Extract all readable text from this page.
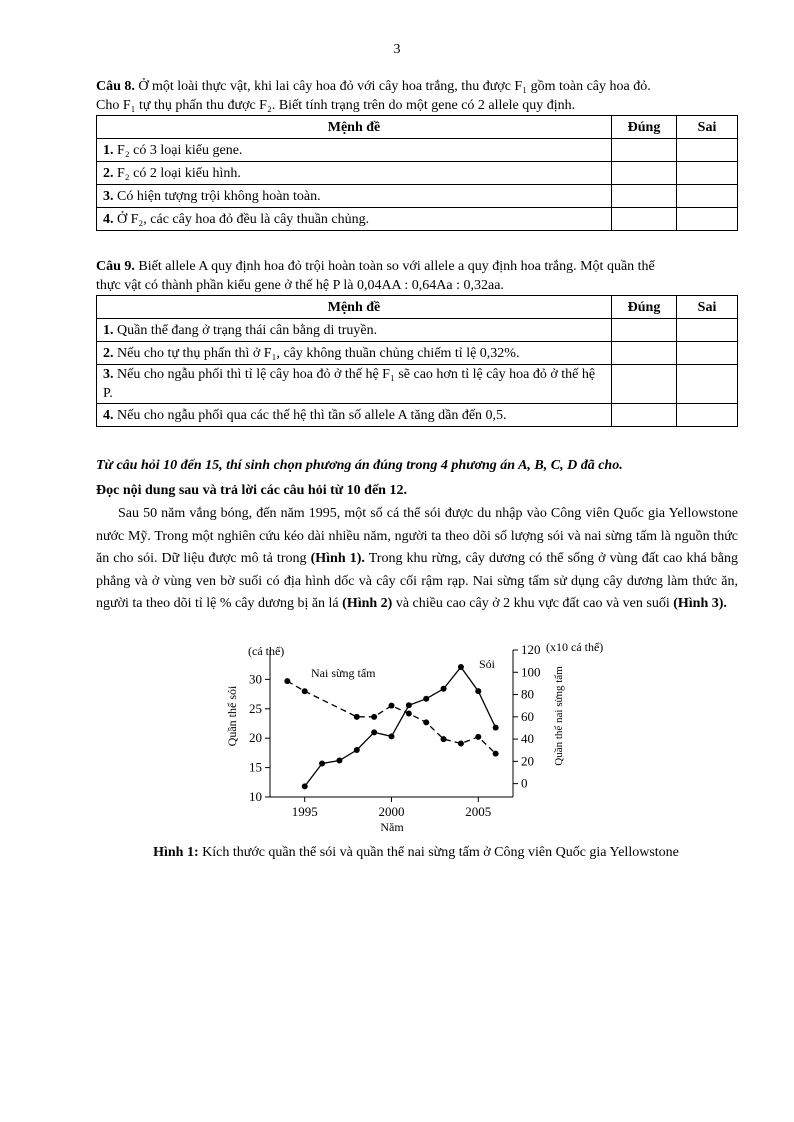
3

Câu 8. Ở một loài thực vật, khi lai cây hoa đỏ với cây hoa trắng, thu được F₁ gồm toàn cây hoa đỏ.
Cho F₁ tự thụ phấn thu được F₂. Biết tính trạng trên do một gene có 2 allele quy định.

Mệnh đề	Đúng	Sai
1. F₂ có 3 loại kiểu gene.		
2. F₂ có 2 loại kiểu hình.		
3. Có hiện tượng trội không hoàn toàn.		
4. Ở F₂, các cây hoa đỏ đều là cây thuần chủng.		

Câu 9. Biết allele A quy định hoa đỏ trội hoàn toàn so với allele a quy định hoa trắng. Một quần thể
thực vật có thành phần kiểu gene ở thế hệ P là 0,04AA : 0,64Aa : 0,32aa.

Mệnh đề	Đúng	Sai
1. Quần thể đang ở trạng thái cân bằng di truyền.		
2. Nếu cho tự thụ phấn thì ở F₁, cây không thuần chủng chiếm tỉ lệ 0,32%.		
3. Nếu cho ngẫu phối thì tỉ lệ cây hoa đỏ ở thế hệ F₁ sẽ cao hơn tỉ lệ cây hoa đỏ ở thế hệ P.		
4. Nếu cho ngẫu phối qua các thế hệ thì tần số allele A tăng dần đến 0,5.		

Từ câu hỏi 10 đến 15, thí sinh chọn phương án đúng trong 4 phương án A, B, C, D đã cho.

Đọc nội dung sau và trả lời các câu hỏi từ 10 đến 12.

Sau 50 năm vắng bóng, đến năm 1995, một số cá thể sói được du nhập vào Công viên Quốc gia Yellowstone nước Mỹ. Trong một nghiên cứu kéo dài nhiều năm, người ta theo dõi số lượng sói và nai sừng tấm là nguồn thức ăn cho sói. Dữ liệu được mô tả trong (Hình 1). Trong khu rừng, cây dương có thể sống ở vùng đất cao khá bằng phẳng và ở vùng ven bờ suối có địa hình dốc và cây cối rậm rạp. Nai sừng tấm sử dụng cây dương làm thức ăn, người ta theo dõi tỉ lệ % cây dương bị ăn lá (Hình 2) và chiều cao cây ở 2 khu vực đất cao và ven suối (Hình 3).

1995	2000	2005
10
15
20
25
30
0
20
40
60
80
100
120
(cá thể)	(x10 cá thể)
Quần thể sói	Quần thể nai sừng tấm
Năm
Sói
Nai sừng tấm
Hình 1: Kích thước quần thể sói và quần thể nai sừng tấm ở Công viên Quốc gia Yellowstone
